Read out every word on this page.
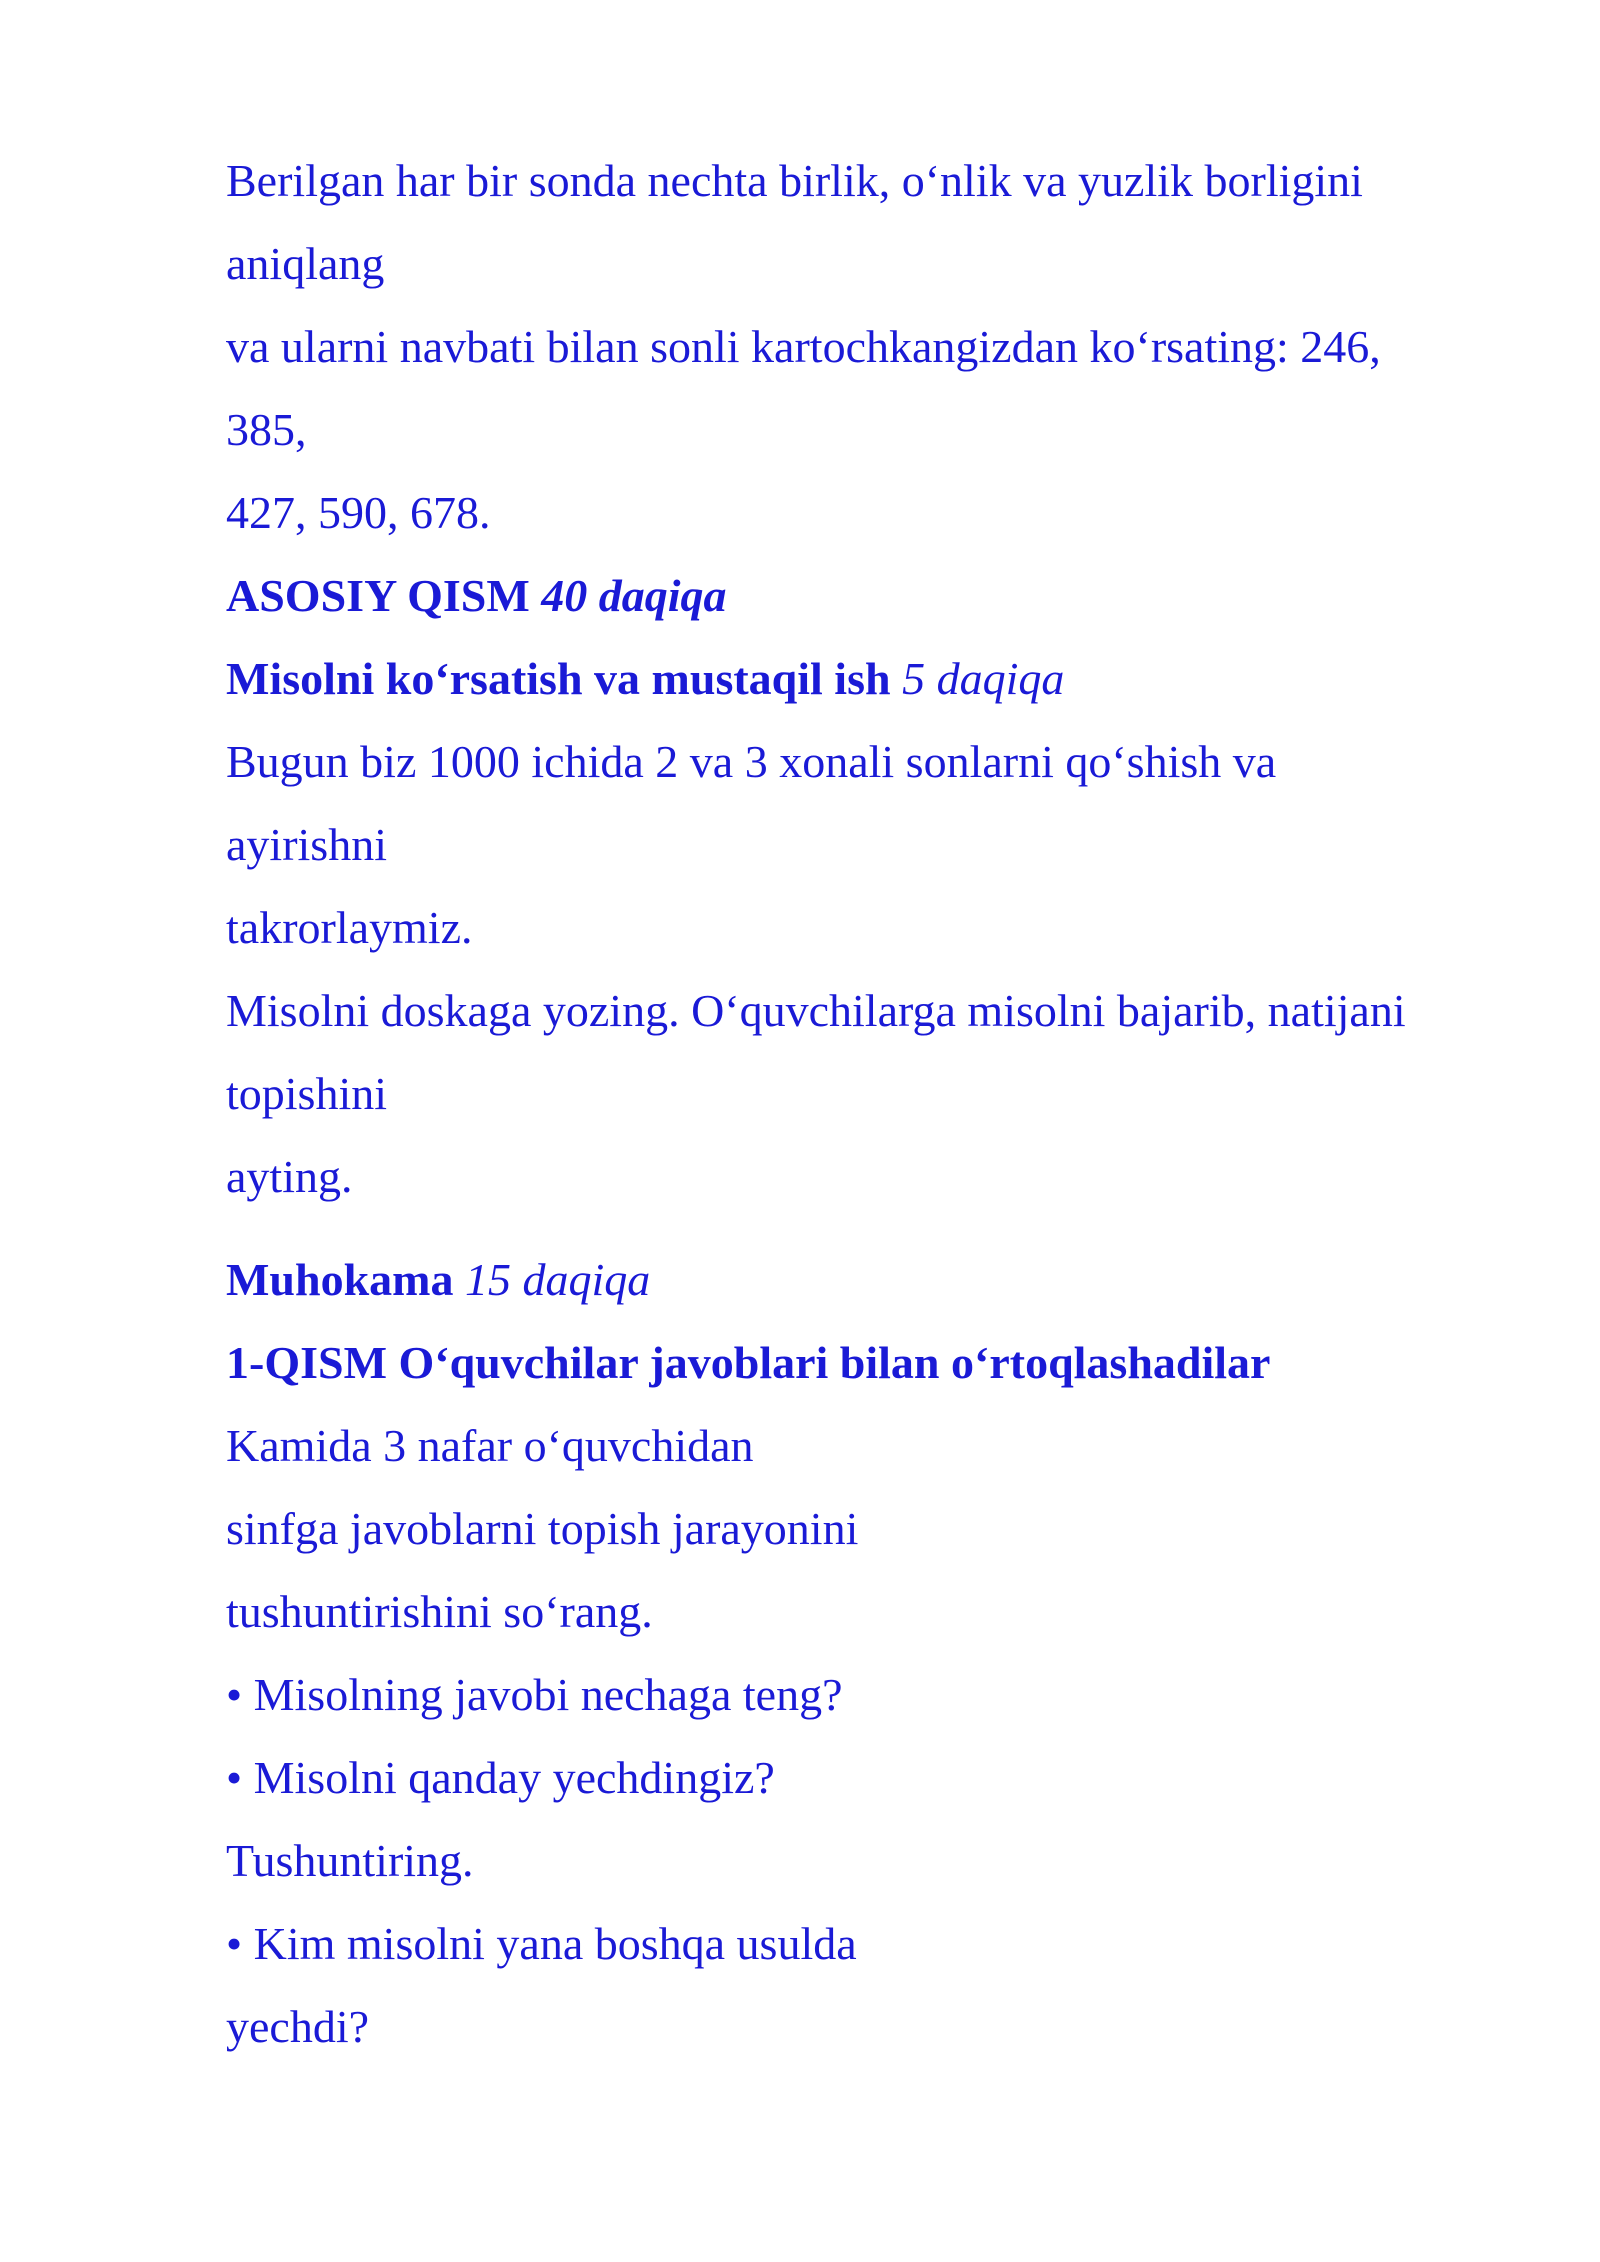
Berilgan har bir sonda nechta birlik, o‘nlik va yuzlik borligini
aniqlang
va ularni navbati bilan sonli kartochkangizdan ko‘rsating: 246,
385,
427, 590, 678.
ASOSIY QISM 40 daqiqa
Misolni ko‘rsatish va mustaqil ish 5 daqiqa
Bugun biz 1000 ichida 2 va 3 xonali sonlarni qo‘shish va
ayirishni
takrorlaymiz.
Misolni doskaga yozing. O‘quvchilarga misolni bajarib, natijani
topishini
ayting.
Muhokama 15 daqiqa
1-QISM O‘quvchilar javoblari bilan o‘rtoqlashadilar
Kamida 3 nafar o‘quvchidan
sinfga javoblarni topish jarayonini
tushuntirishini so‘rang.
• Misolning javobi nechaga teng?
• Misolni qanday yechdingiz?
Tushuntiring.
• Kim misolni yana boshqa usulda
yechdi?
